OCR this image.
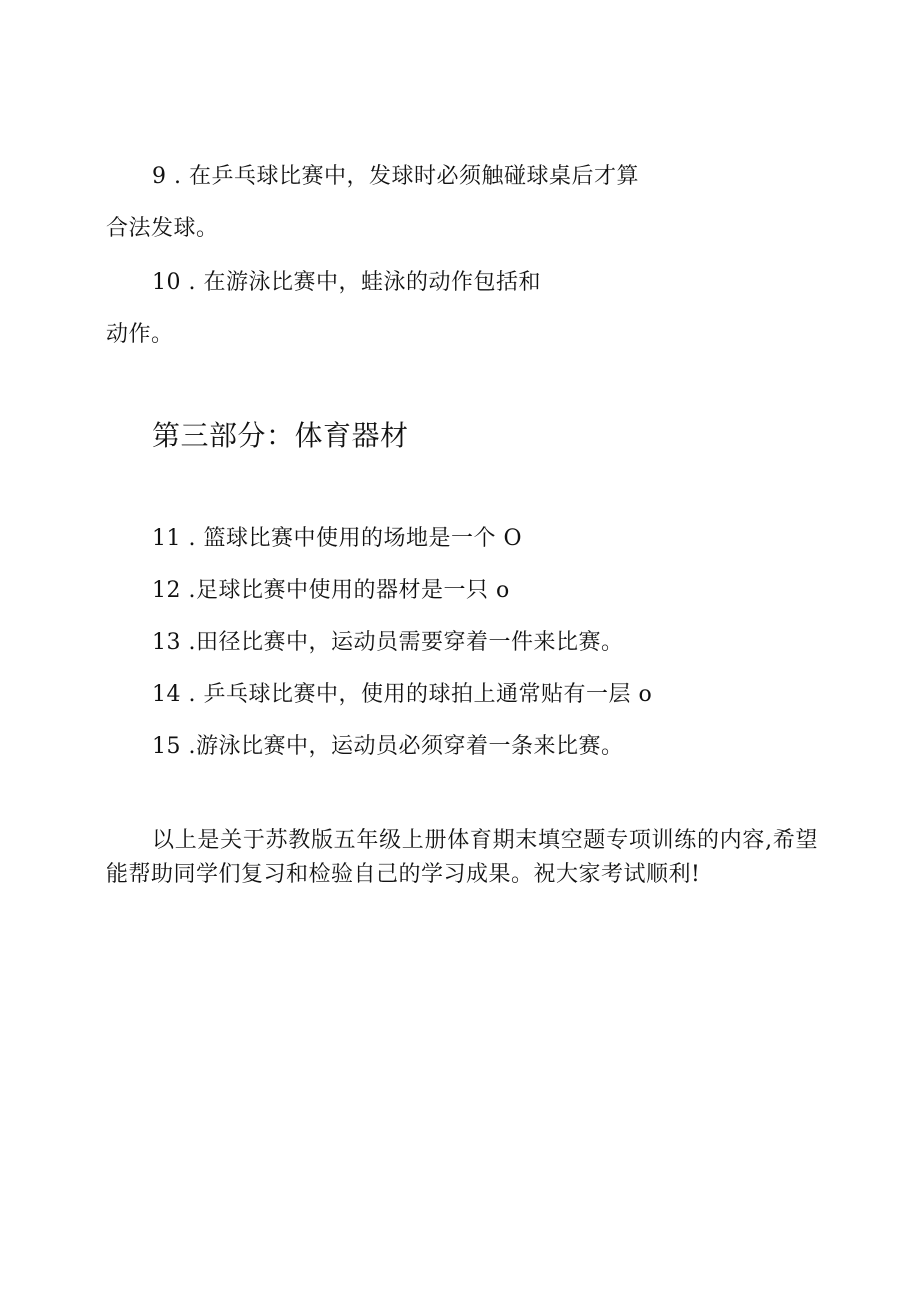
9 . 在乒乓球比赛中，发球时必须触碰球桌后才算
合法发球。
10 . 在游泳比赛中，蛙泳的动作包括和
动作。
第三部分：体育器材
11 . 篮球比赛中使用的场地是一个 O
12 .足球比赛中使用的器材是一只 o
13 .田径比赛中，运动员需要穿着一件来比赛。
14 . 乒乓球比赛中，使用的球拍上通常贴有一层 o
15 .游泳比赛中，运动员必须穿着一条来比赛。
以上是关于苏教版五年级上册体育期末填空题专项训练的内容,希望能帮助同学们复习和检验自己的学习成果。祝大家考试顺利!
